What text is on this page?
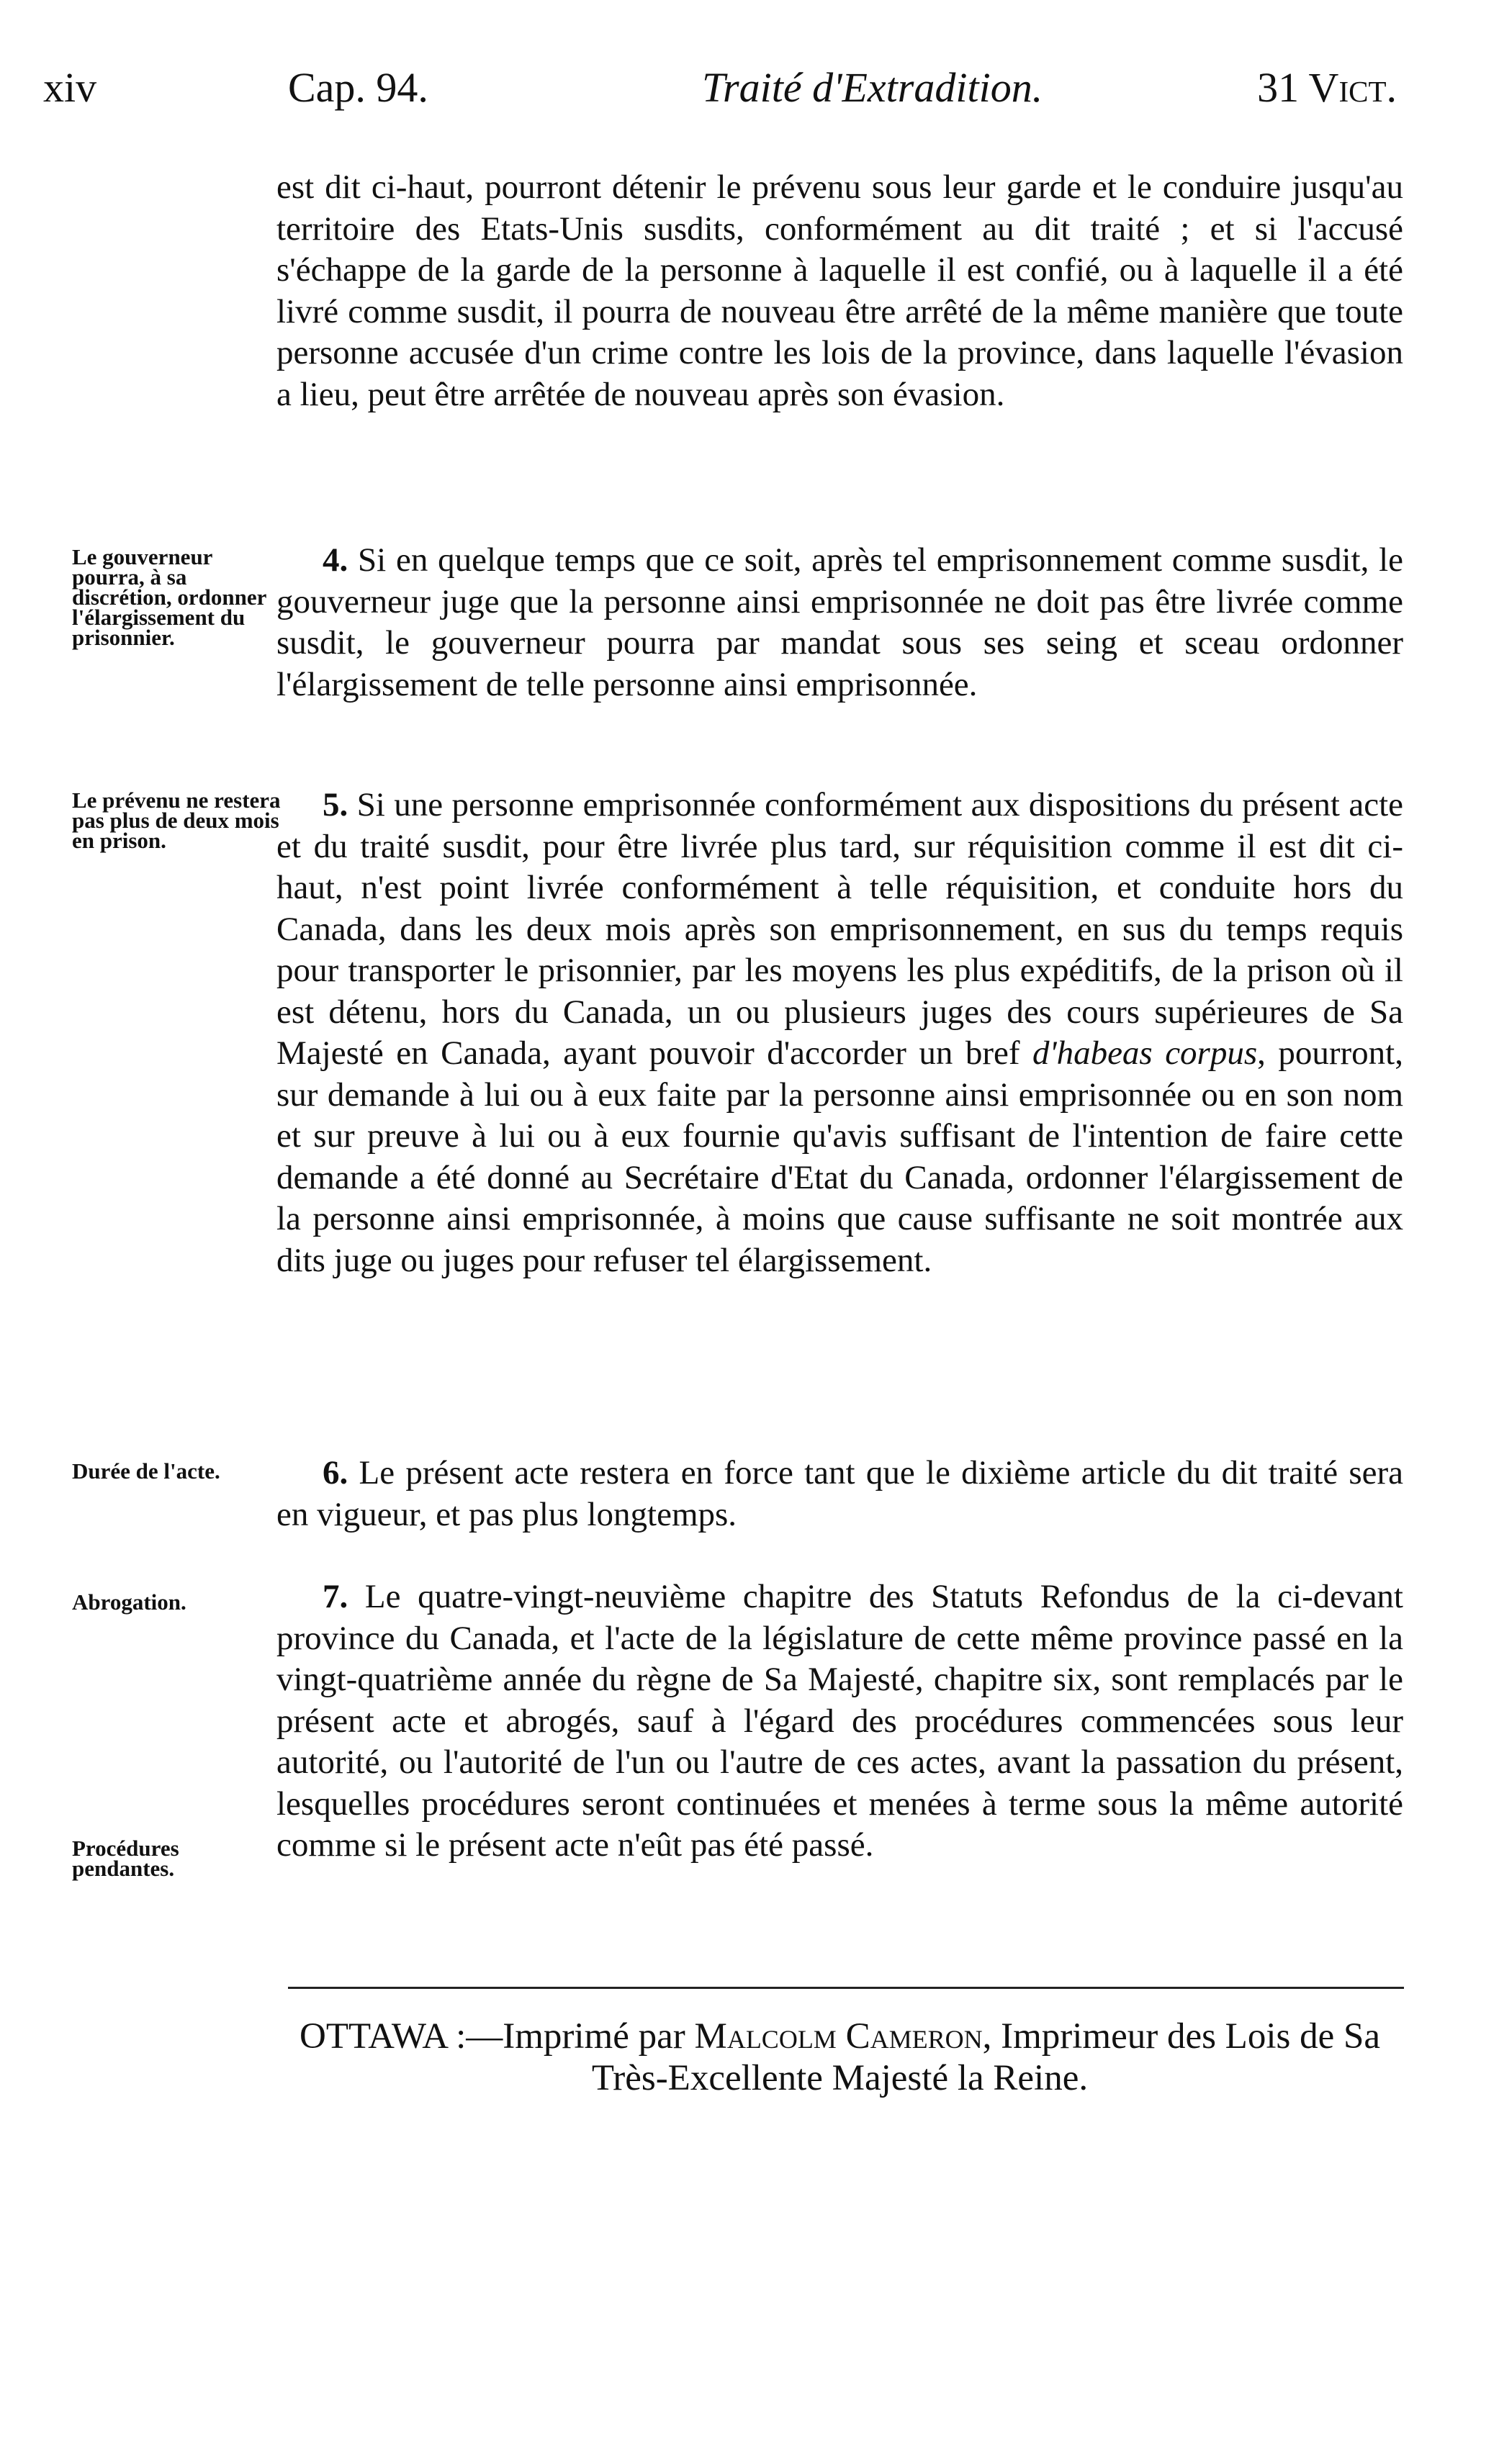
xiv	Cap. 94.	Traité d'Extradition.	31 Vict.

est dit ci-haut, pourront détenir le prévenu sous leur garde et le conduire jusqu'au territoire des Etats-Unis susdits, conformément au dit traité ; et si l'accusé s'échappe de la garde de la personne à laquelle il est confié, ou à laquelle il a été livré comme susdit, il pourra de nouveau être arrêté de la même manière que toute personne accusée d'un crime contre les lois de la province, dans laquelle l'évasion a lieu, peut être arrêtée de nouveau après son évasion.

Le gouverneur pourra, à sa discrétion, ordonner l'élargissement du prisonnier.

4. Si en quelque temps que ce soit, après tel emprisonnement comme susdit, le gouverneur juge que la personne ainsi emprisonnée ne doit pas être livrée comme susdit, le gouverneur pourra par mandat sous ses seing et sceau ordonner l'élargissement de telle personne ainsi emprisonnée.

Le prévenu ne restera pas plus de deux mois en prison.

5. Si une personne emprisonnée conformément aux dispositions du présent acte et du traité susdit, pour être livrée plus tard, sur réquisition comme il est dit ci-haut, n'est point livrée conformément à telle réquisition, et conduite hors du Canada, dans les deux mois après son emprisonnement, en sus du temps requis pour transporter le prisonnier, par les moyens les plus expéditifs, de la prison où il est détenu, hors du Canada, un ou plusieurs juges des cours supérieures de Sa Majesté en Canada, ayant pouvoir d'accorder un bref d'habeas corpus, pourront, sur demande à lui ou à eux faite par la personne ainsi emprisonnée ou en son nom et sur preuve à lui ou à eux fournie qu'avis suffisant de l'intention de faire cette demande a été donné au Secrétaire d'Etat du Canada, ordonner l'élargissement de la personne ainsi emprisonnée, à moins que cause suffisante ne soit montrée aux dits juge ou juges pour refuser tel élargissement.

Durée de l'acte.	6. Le présent acte restera en force tant que le dixième article du dit traité sera en vigueur, et pas plus longtemps.

Abrogation.
Procédures pendantes.

7. Le quatre-vingt-neuvième chapitre des Statuts Refondus de la ci-devant province du Canada, et l'acte de la législature de cette même province passé en la vingt-quatrième année du règne de Sa Majesté, chapitre six, sont remplacés par le présent acte et abrogés, sauf à l'égard des procédures commencées sous leur autorité, ou l'autorité de l'un ou l'autre de ces actes, avant la passation du présent, lesquelles procédures seront continuées et menées à terme sous la même autorité comme si le présent acte n'eût pas été passé.

OTTAWA :—Imprimé par Malcolm Cameron, Imprimeur des Lois de Sa Très-Excellente Majesté la Reine.
